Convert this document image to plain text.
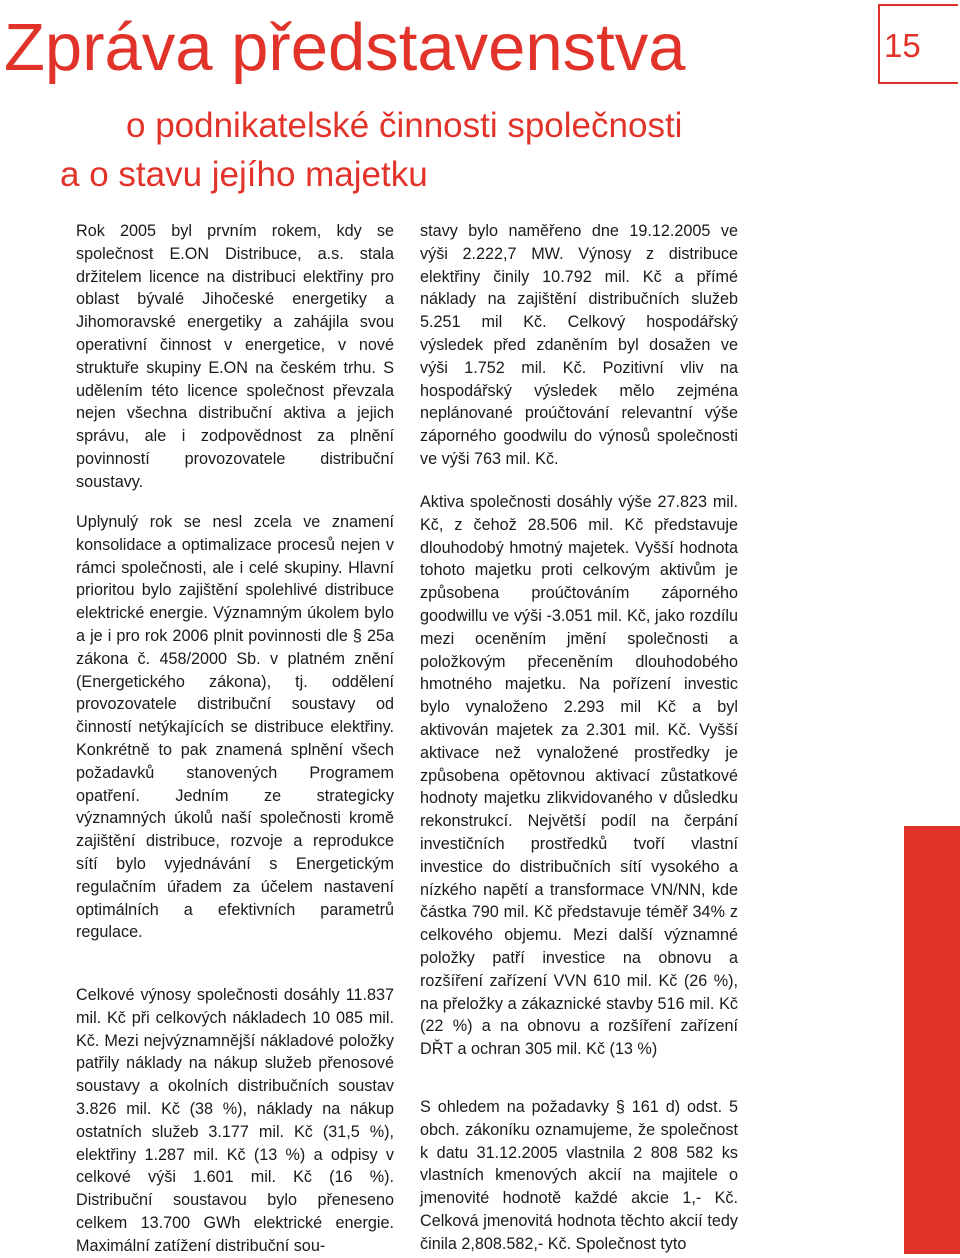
Zpráva představenstva
o podnikatelské činnosti společnosti
a o stavu jejího majetku
15

Rok 2005 byl prvním rokem, kdy se společnost E.ON Distribuce, a.s. stala držitelem licence na distribuci elektřiny pro oblast bývalé Jihočeské energetiky a Jihomoravské energetiky a zahájila svou operativní činnost v energetice, v nové struktuře skupiny E.ON na českém trhu. S udělením této licence společnost převzala nejen všechna distribuční aktiva a jejich správu, ale i zodpovědnost za plnění povinností provozovatele distribuční soustavy.

Uplynulý rok se nesl zcela ve znamení konsolidace a optimalizace procesů nejen v rámci společnosti, ale i celé skupiny. Hlavní prioritou bylo zajištění spolehlivé distribuce elektrické energie. Významným úkolem bylo a je i pro rok 2006 plnit povinnosti dle § 25a zákona č. 458/2000 Sb. v platném znění (Energetického zákona), tj. oddělení provozovatele distribuční soustavy od činností netýkajících se distribuce elektřiny. Konkrétně to pak znamená splnění všech požadavků stanovených Programem opatření. Jedním ze strategicky významných úkolů naší společnosti kromě zajištění distribuce, rozvoje a reprodukce sítí bylo vyjednávání s Energetickým regulačním úřadem za účelem nastavení optimálních a efektivních parametrů regulace.

Celkové výnosy společnosti dosáhly 11.837 mil. Kč při celkových nákladech 10 085 mil. Kč. Mezi nejvýznamnější nákladové položky patřily náklady na nákup služeb přenosové soustavy a okolních distribučních soustav 3.826 mil. Kč (38 %), náklady na nákup ostatních služeb 3.177 mil. Kč (31,5 %), elektřiny 1.287 mil. Kč (13 %) a odpisy v celkové výši 1.601 mil. Kč (16 %). Distribuční soustavou bylo přeneseno celkem 13.700 GWh elektrické energie. Maximální zatížení distribuční sou-

stavy bylo naměřeno dne 19.12.2005 ve výši 2.222,7 MW. Výnosy z distribuce elektřiny činily 10.792 mil. Kč a přímé náklady na zajištění distribučních služeb 5.251 mil Kč. Celkový hospodářský výsledek před zdaněním byl dosažen ve výši 1.752 mil. Kč. Pozitivní vliv na hospodářský výsledek mělo zejména neplánované proúčtování relevantní výše záporného goodwilu do výnosů společnosti ve výši 763 mil. Kč.

Aktiva společnosti dosáhly výše 27.823 mil. Kč, z čehož 28.506 mil. Kč představuje dlouhodobý hmotný majetek. Vyšší hodnota tohoto majetku proti celkovým aktivům je způsobena proúčtováním záporného goodwillu ve výši -3.051 mil. Kč, jako rozdílu mezi oceněním jmění společnosti a položkovým přeceněním dlouhodobého hmotného majetku. Na pořízení investic bylo vynaloženo 2.293 mil Kč a byl aktivován majetek za 2.301 mil. Kč. Vyšší aktivace než vynaložené prostředky je způsobena opětovnou aktivací zůstatkové hodnoty majetku zlikvidovaného v důsledku rekonstrukcí. Největší podíl na čerpání investičních prostředků tvoří vlastní investice do distribučních sítí vysokého a nízkého napětí a transformace VN/NN, kde částka 790 mil. Kč představuje téměř 34% z celkového objemu. Mezi další významné položky patří investice na obnovu a rozšíření zařízení VVN 610 mil. Kč (26 %), na přeložky a zákaznické stavby 516 mil. Kč (22 %) a na obnovu a rozšíření zařízení DŘT a ochran 305 mil. Kč (13 %)

S ohledem na požadavky § 161 d) odst. 5 obch. zákoníku oznamujeme, že společnost k datu 31.12.2005 vlastnila 2 808 582 ks vlastních kmenových akcií na majitele o jmenovité hodnotě každé akcie 1,- Kč. Celková jmenovitá hodnota těchto akcií tedy činila 2,808.582,- Kč. Společnost tyto
